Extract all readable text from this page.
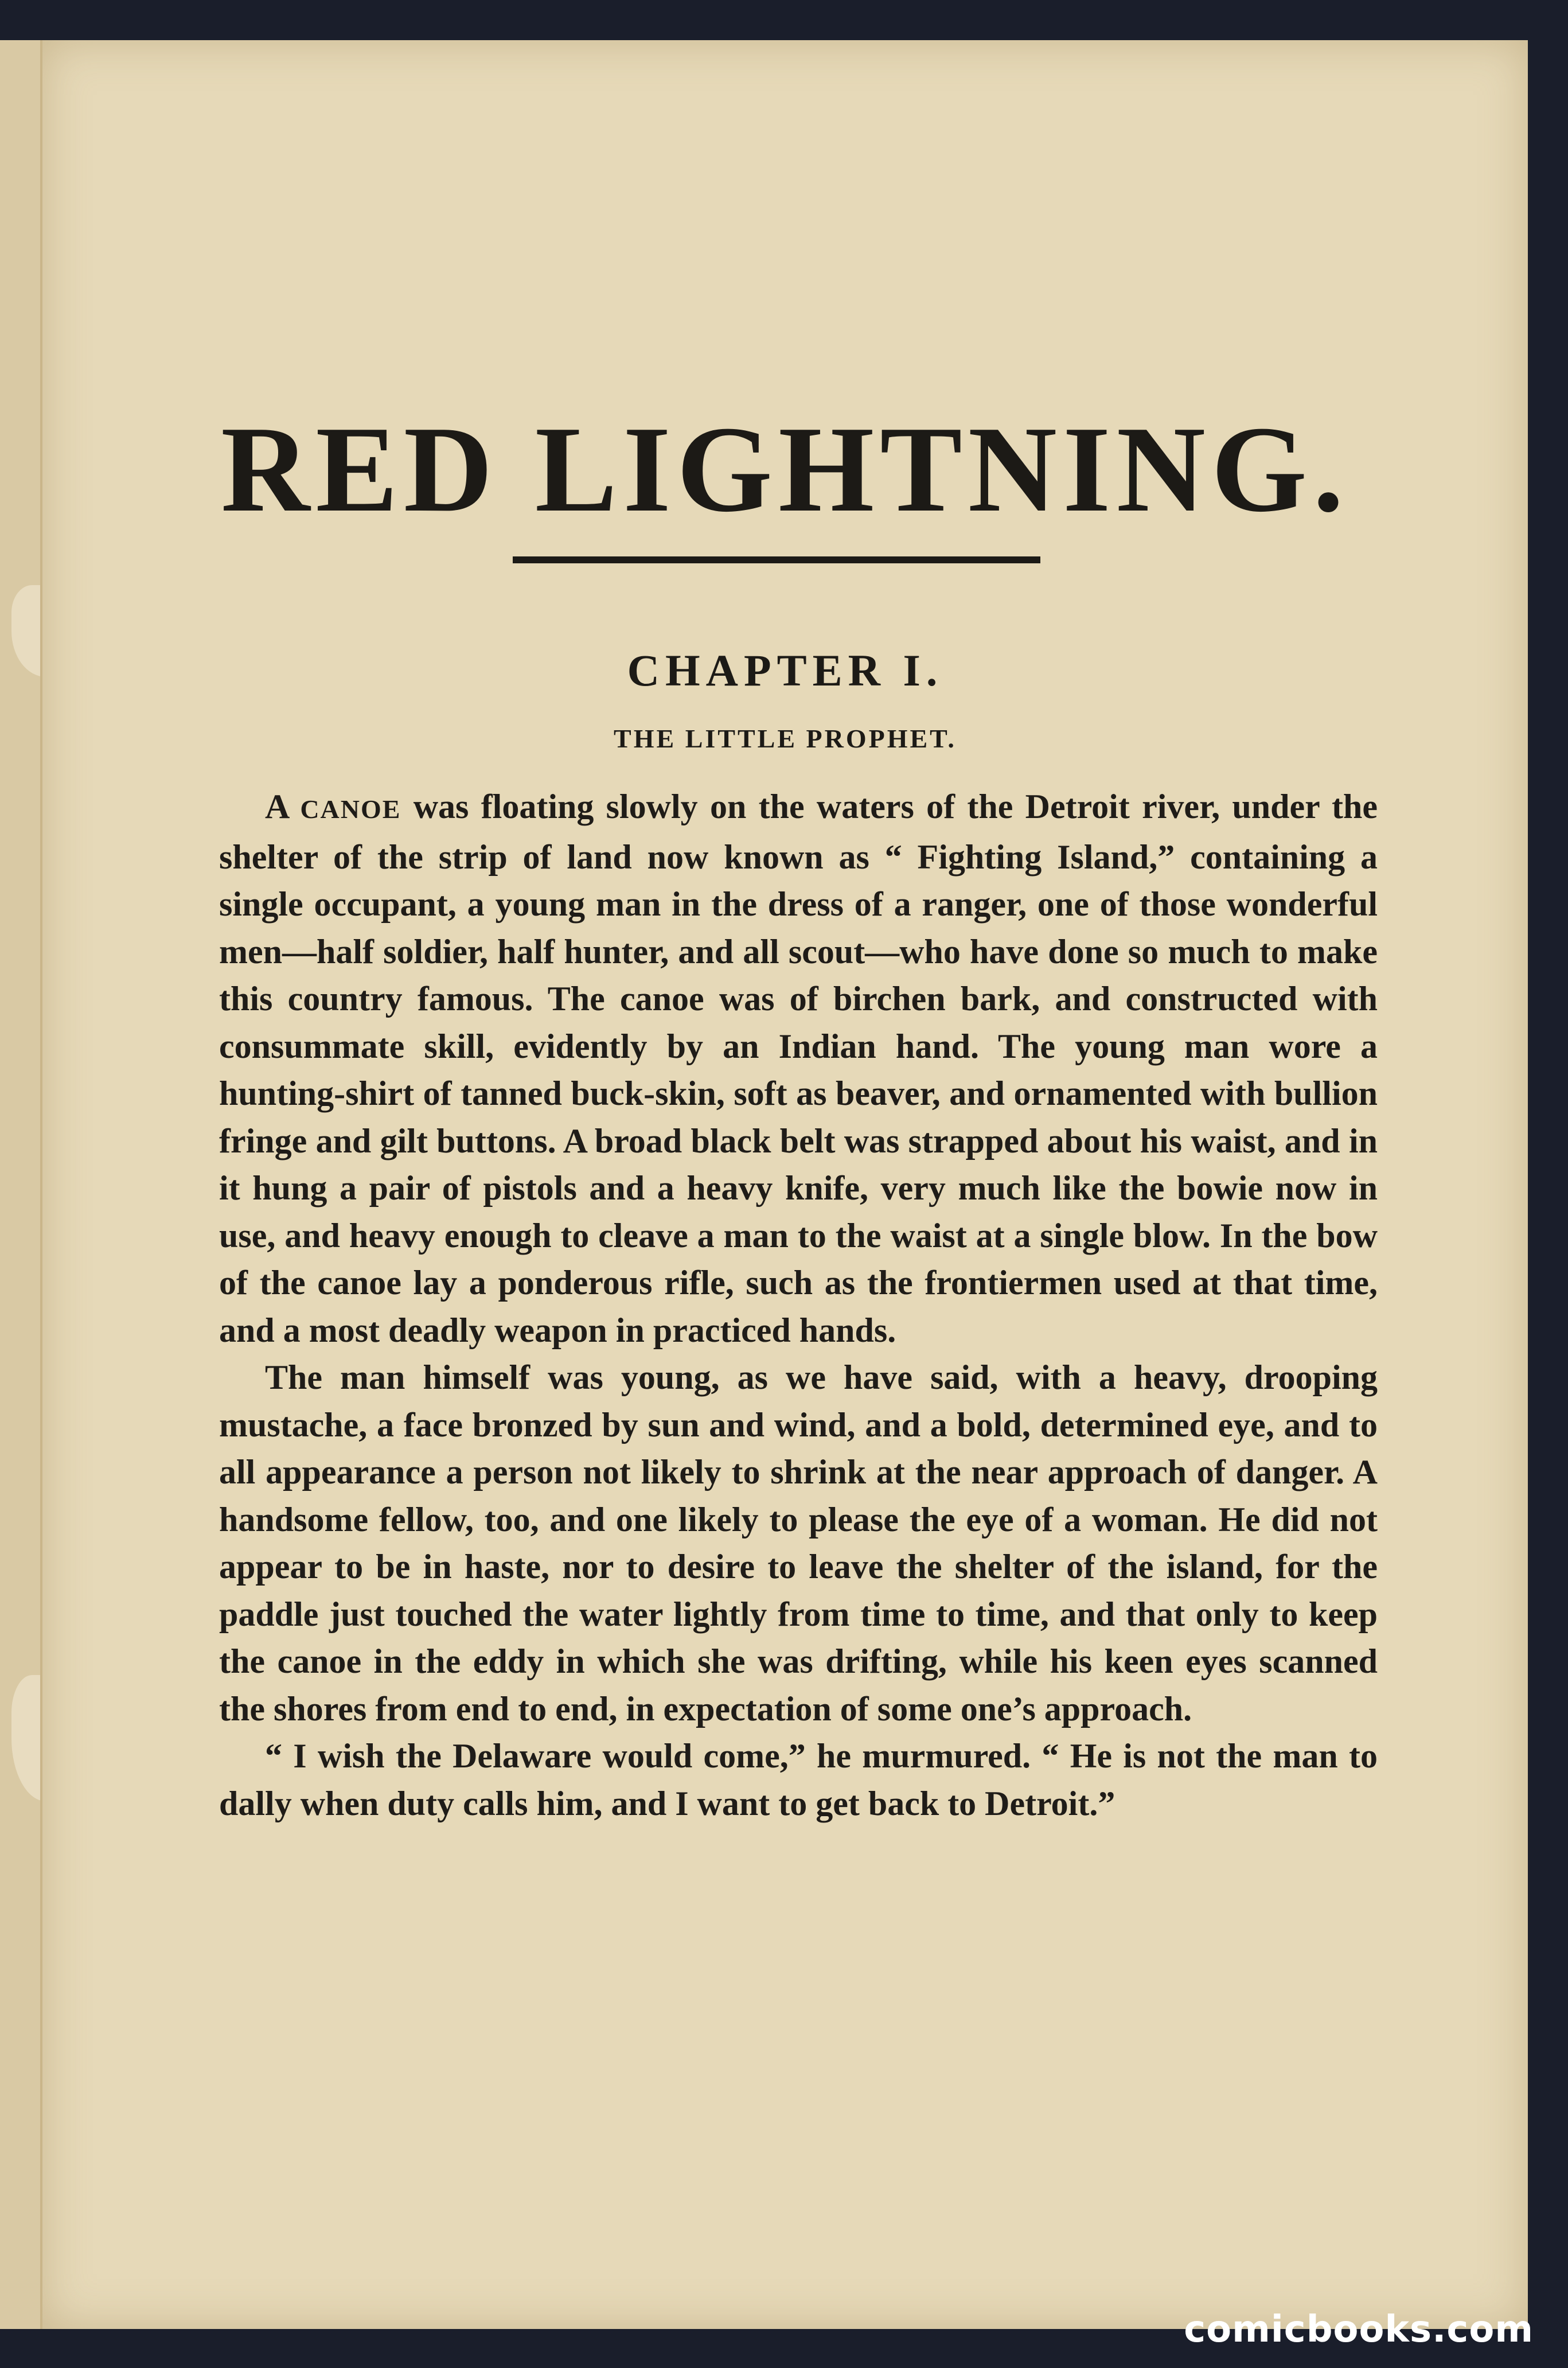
RED LIGHTNING.
CHAPTER I.
THE LITTLE PROPHET.

A CANOE was floating slowly on the waters of the Detroit river, under the shelter of the strip of land now known as “ Fighting Island,” containing a single occupant, a young man in the dress of a ranger, one of those wonderful men—half soldier, half hunter, and all scout—who have done so much to make this country famous. The canoe was of birchen bark, and constructed with consummate skill, evidently by an Indian hand. The young man wore a hunting-shirt of tanned buck-skin, soft as beaver, and ornamented with bullion fringe and gilt buttons. A broad black belt was strapped about his waist, and in it hung a pair of pistols and a heavy knife, very much like the bowie now in use, and heavy enough to cleave a man to the waist at a single blow. In the bow of the canoe lay a ponderous rifle, such as the frontiermen used at that time, and a most deadly weapon in practiced hands.

The man himself was young, as we have said, with a heavy, drooping mustache, a face bronzed by sun and wind, and a bold, determined eye, and to all appearance a person not likely to shrink at the near approach of danger. A handsome fellow, too, and one likely to please the eye of a woman. He did not appear to be in haste, nor to desire to leave the shelter of the island, for the paddle just touched the water lightly from time to time, and that only to keep the canoe in the eddy in which she was drifting, while his keen eyes scanned the shores from end to end, in expectation of some one’s approach.

“ I wish the Delaware would come,” he murmured. “ He is not the man to dally when duty calls him, and I want to get back to Detroit.”

comicbooks.com
